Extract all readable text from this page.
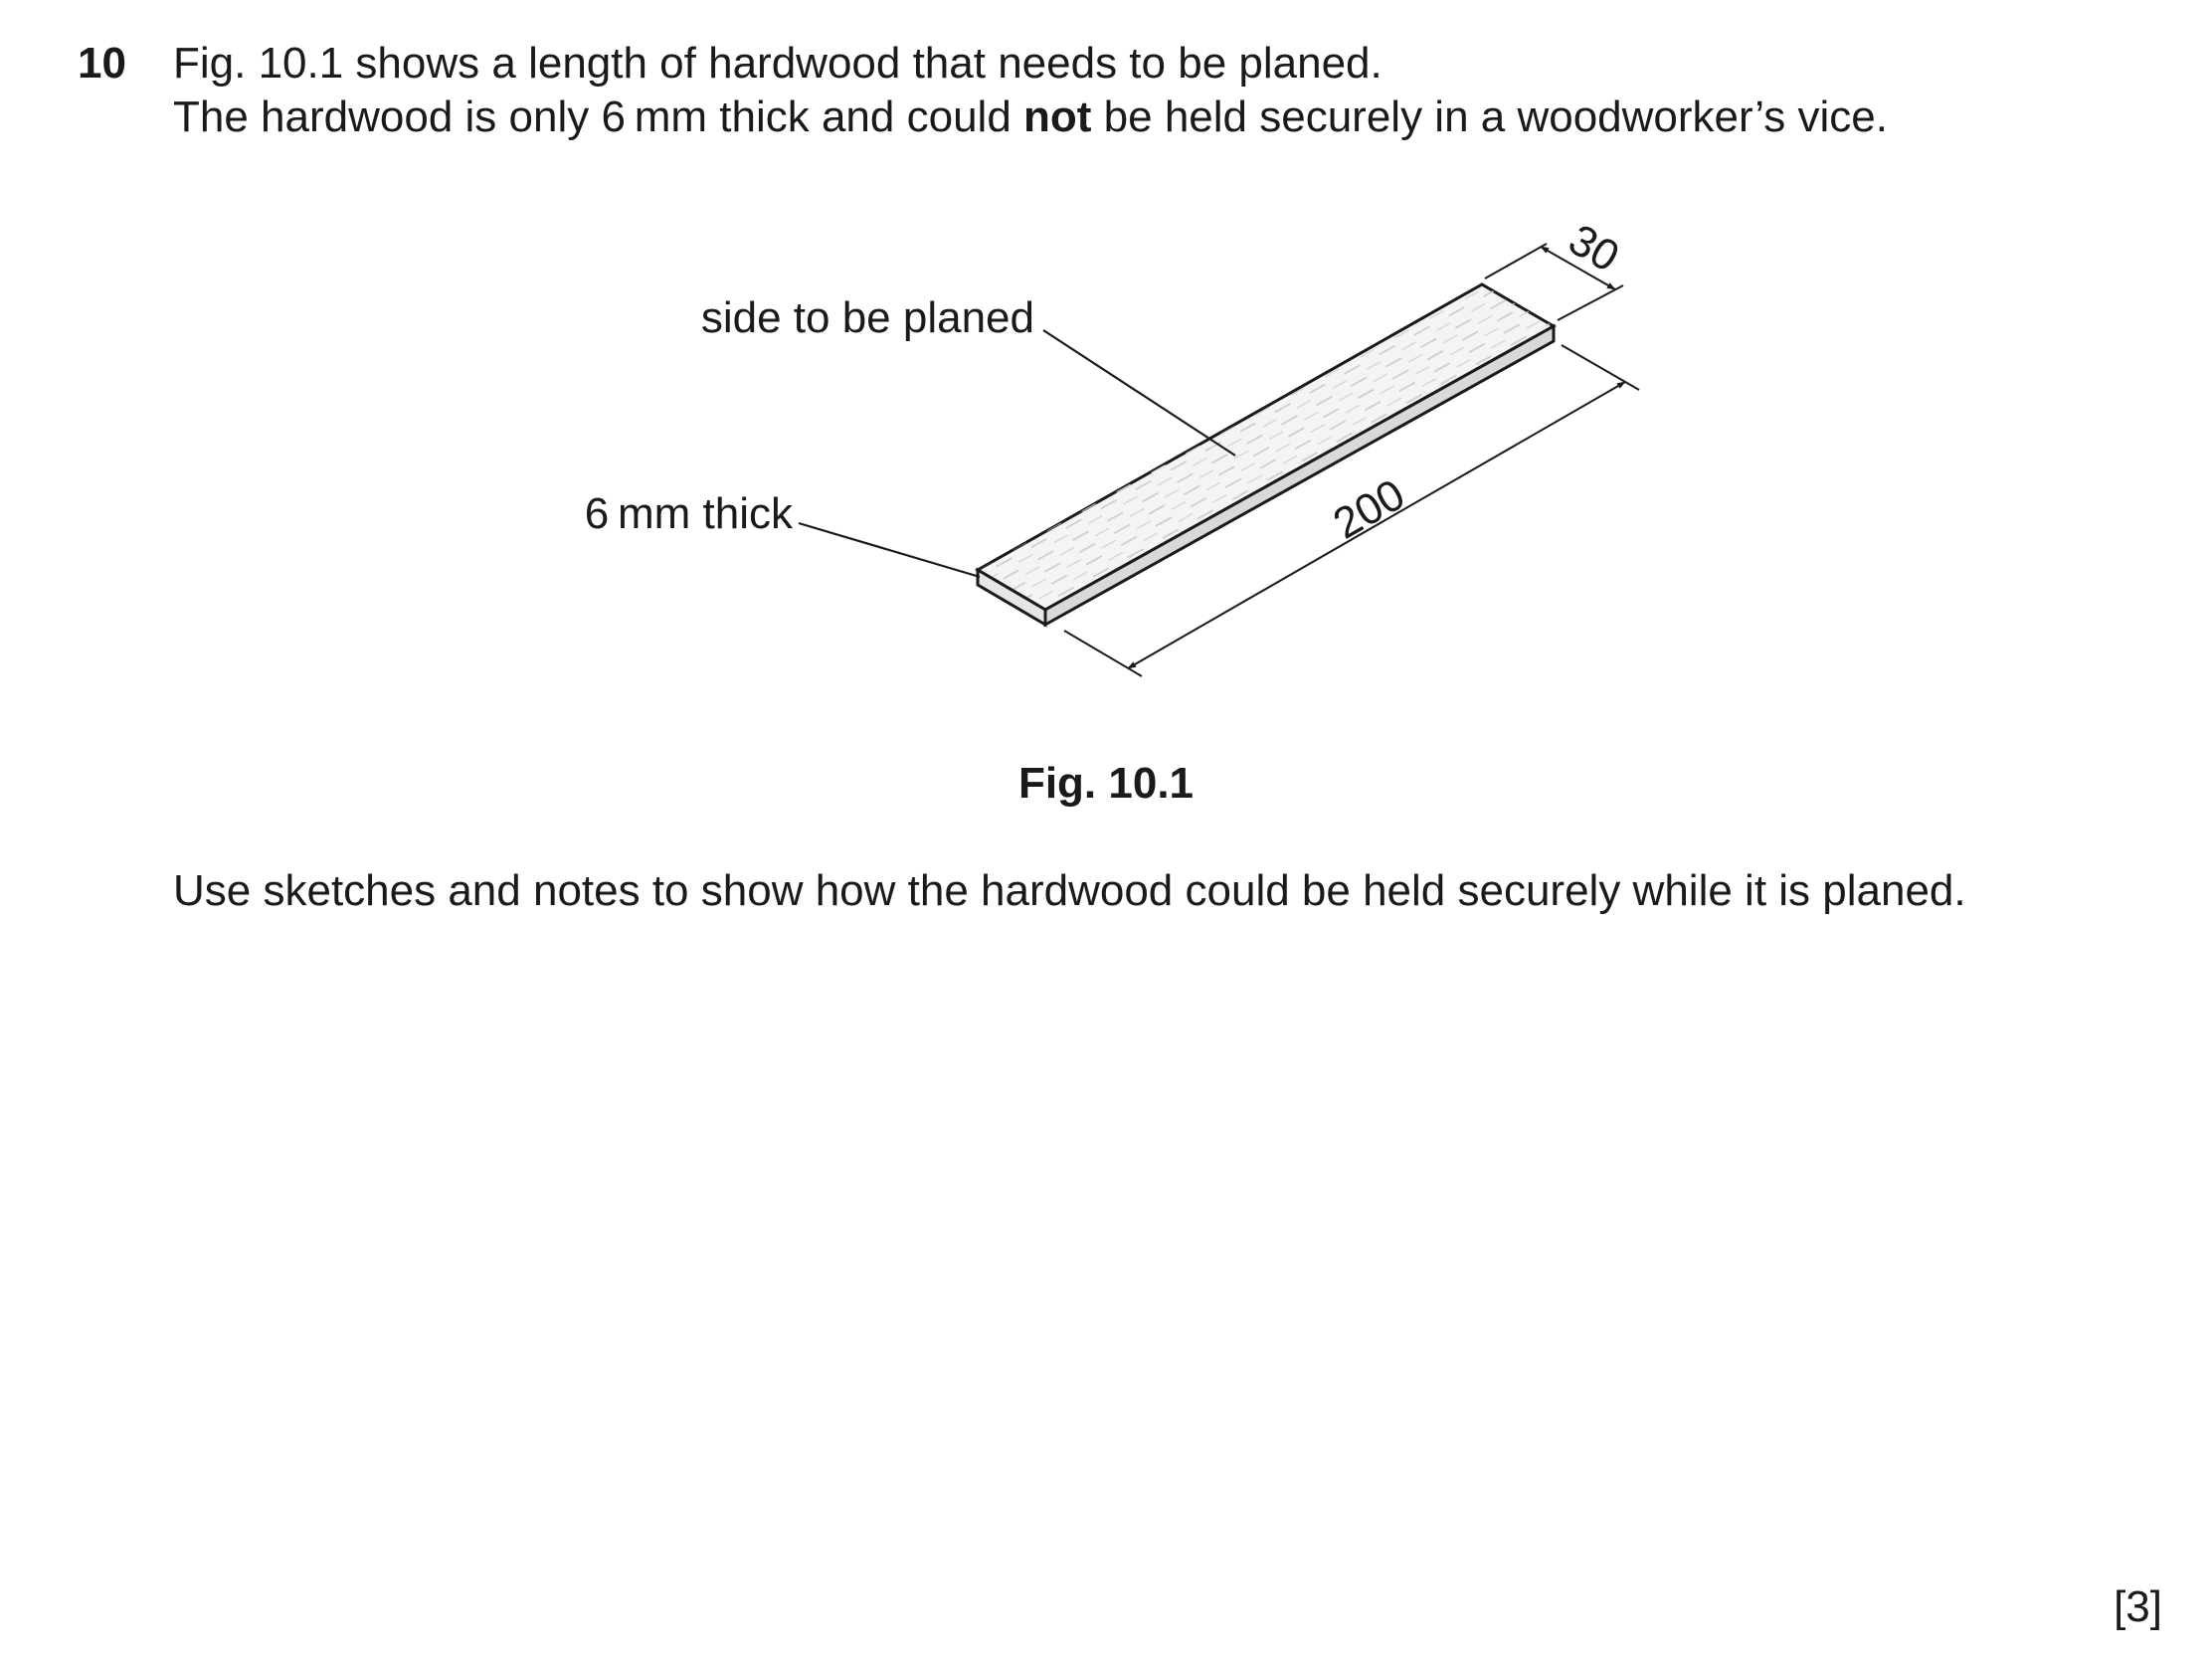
10 Fig. 10.1 shows a length of hardwood that needs to be planed.
The hardwood is only 6 mm thick and could not be held securely in a woodworker’s vice.
30
200
side to be planed
6 mm thick
Fig. 10.1
Use sketches and notes to show how the hardwood could be held securely while it is planed.
[3]
